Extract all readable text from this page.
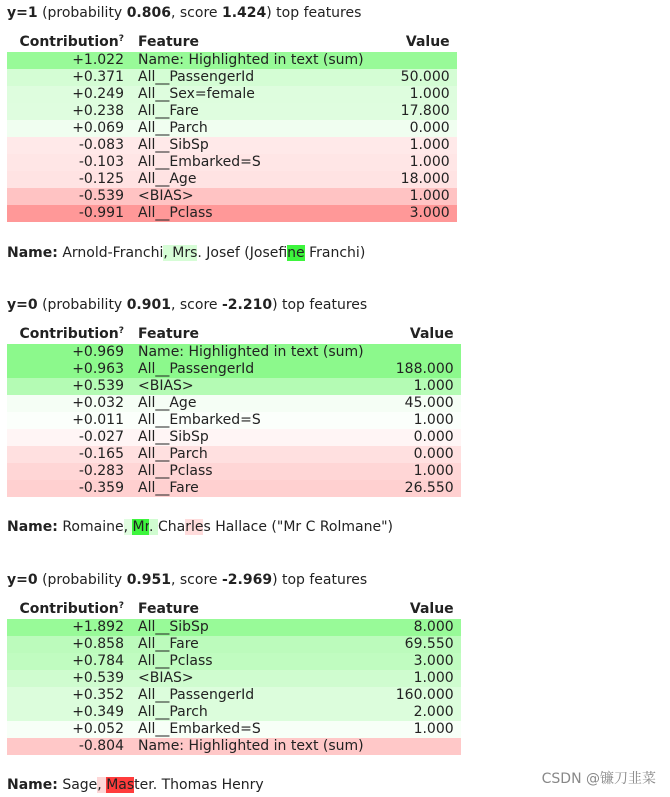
y=1 (probability 0.806, score 1.424) top features
Contribution?	Feature	Value
+1.022	Name: Highlighted in text (sum)	
+0.371	All__PassengerId	50.000
+0.249	All__Sex=female	1.000
+0.238	All__Fare	17.800
+0.069	All__Parch	0.000
-0.083	All__SibSp	1.000
-0.103	All__Embarked=S	1.000
-0.125	All__Age	18.000
-0.539	<BIAS>	1.000
-0.991	All__Pclass	3.000
Name: Arnold-Franchi, Mrs. Josef (Josefine Franchi)
y=0 (probability 0.901, score -2.210) top features
Contribution?	Feature	Value
+0.969	Name: Highlighted in text (sum)	
+0.963	All__PassengerId	188.000
+0.539	<BIAS>	1.000
+0.032	All__Age	45.000
+0.011	All__Embarked=S	1.000
-0.027	All__SibSp	0.000
-0.165	All__Parch	0.000
-0.283	All__Pclass	1.000
-0.359	All__Fare	26.550
Name: Romaine, Mr. Charles Hallace ("Mr C Rolmane")
y=0 (probability 0.951, score -2.969) top features
Contribution?	Feature	Value
+1.892	All__SibSp	8.000
+0.858	All__Fare	69.550
+0.784	All__Pclass	3.000
+0.539	<BIAS>	1.000
+0.352	All__PassengerId	160.000
+0.349	All__Parch	2.000
+0.052	All__Embarked=S	1.000
-0.804	Name: Highlighted in text (sum)	
Name: Sage, Master. Thomas Henry	CSDN @镰刀韭菜
